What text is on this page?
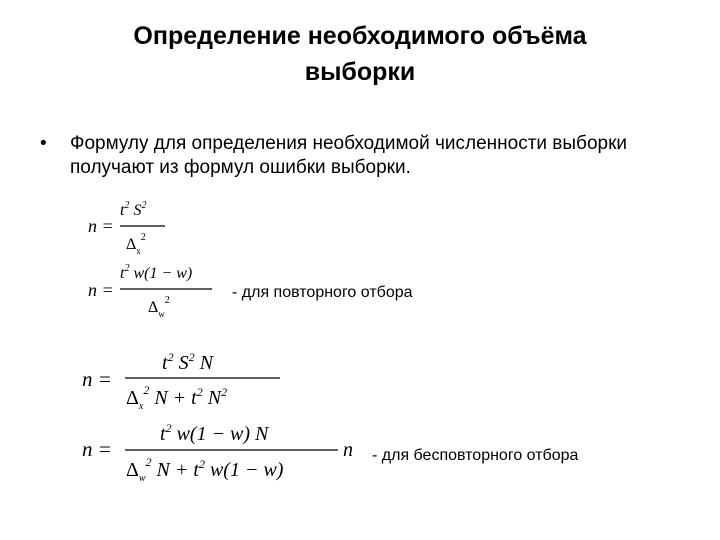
Определение необходимого объёма
выборки
• Формулу для определения необходимой численности выборки
получают из формул ошибки выборки.
n =
$t^2$ $S^2$
$\Delta_x^2$
n =
$t^2$ w(1 − w)
$\Delta_w^2$
n =
$t^2$ $S^2$ N
$\Delta_x^2$ $N + t^2$ $N^2$
n =
$t^2$ w(1 − w) N
$\Delta_w^2$ $N + t^2$ w(1 − w)
n
- для повторного отбора
- для бесповторного отбора
